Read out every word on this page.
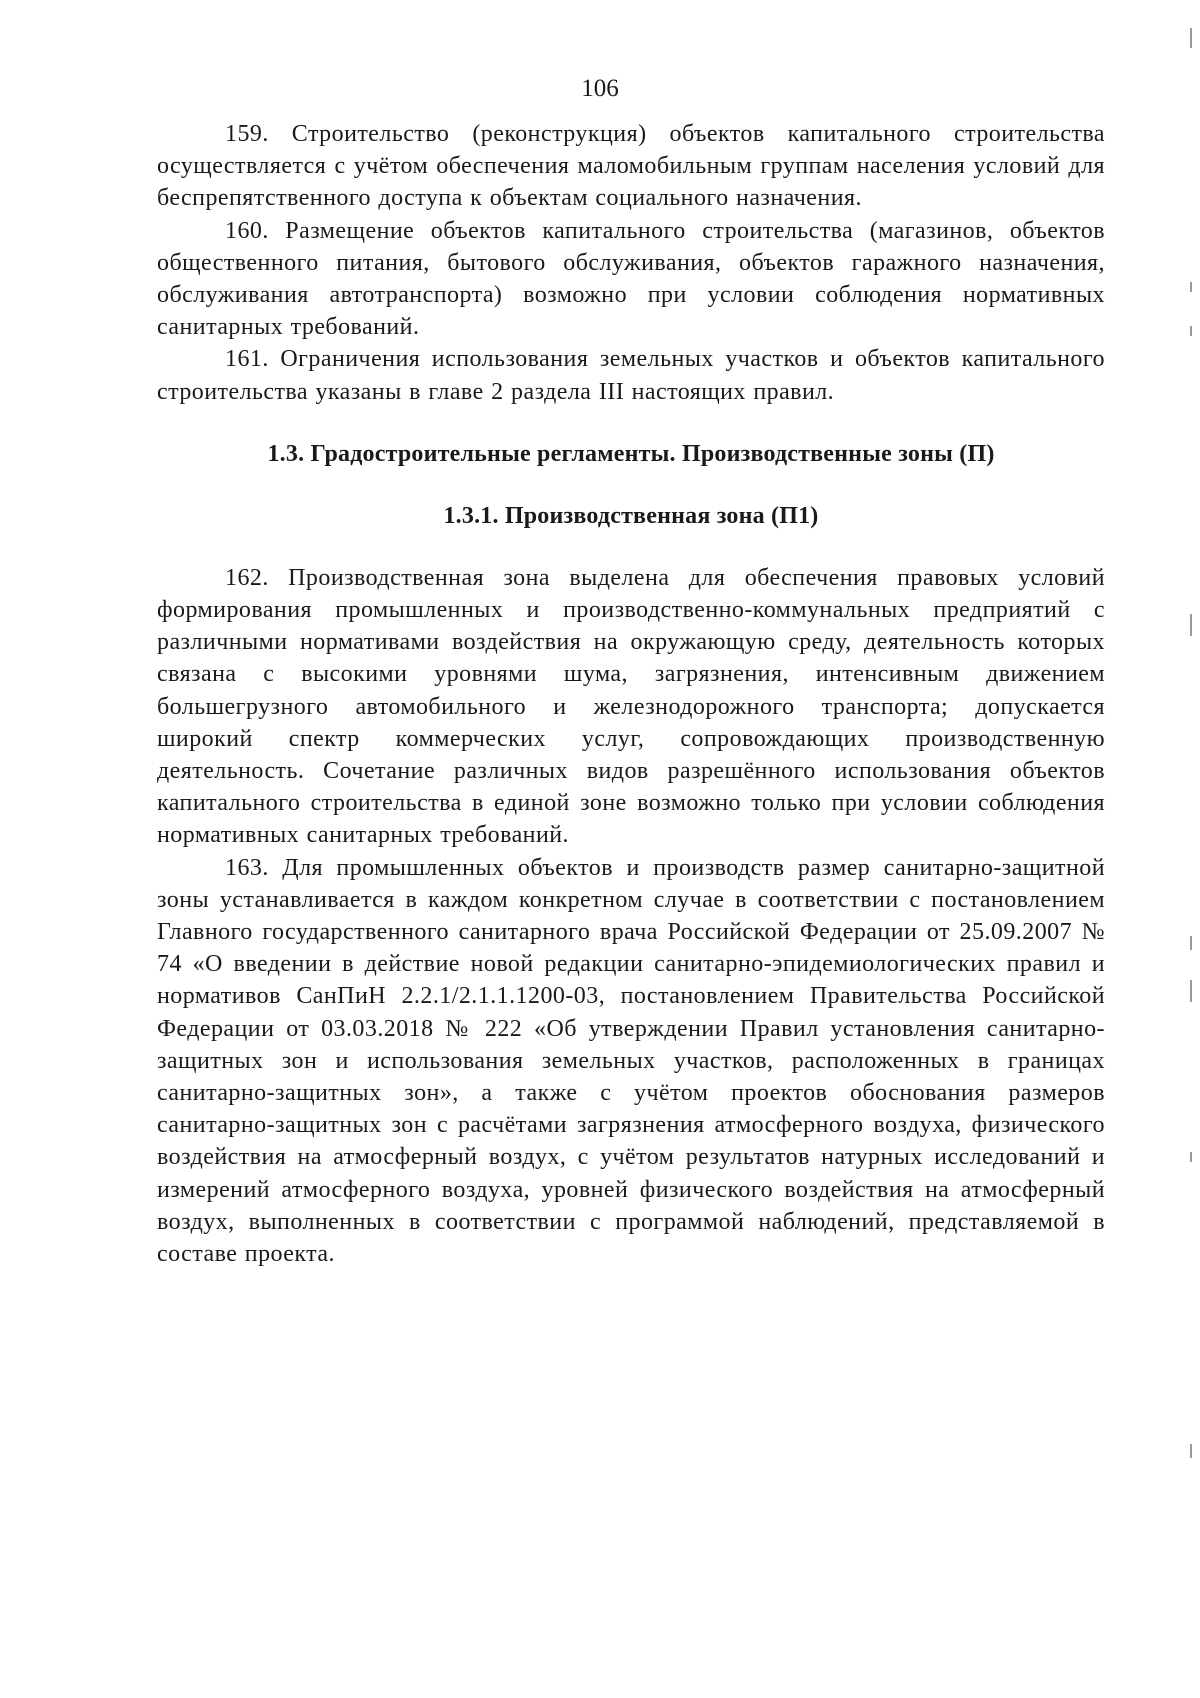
106

159. Строительство (реконструкция) объектов капитального строительства осуществляется с учётом обеспечения маломобильным группам населения условий для беспрепятственного доступа к объектам социального назначения.

160. Размещение объектов капитального строительства (магазинов, объектов общественного питания, бытового обслуживания, объектов гаражного назначения, обслуживания автотранспорта) возможно при условии соблюдения нормативных санитарных требований.

161. Ограничения использования земельных участков и объектов капитального строительства указаны в главе 2 раздела III настоящих правил.

1.3. Градостроительные регламенты. Производственные зоны (П)
1.3.1. Производственная зона (П1)

162. Производственная зона выделена для обеспечения правовых условий формирования промышленных и производственно-коммунальных предприятий с различными нормативами воздействия на окружающую среду, деятельность которых связана с высокими уровнями шума, загрязнения, интенсивным движением большегрузного автомобильного и железнодорожного транспорта; допускается широкий спектр коммерческих услуг, сопровождающих производственную деятельность. Сочетание различных видов разрешённого использования объектов капитального строительства в единой зоне возможно только при условии соблюдения нормативных санитарных требований.

163. Для промышленных объектов и производств размер санитарно-защитной зоны устанавливается в каждом конкретном случае в соответствии с постановлением Главного государственного санитарного врача Российской Федерации от 25.09.2007 № 74 «О введении в действие новой редакции санитарно-эпидемиологических правил и нормативов СанПиН 2.2.1/2.1.1.1200-03, постановлением Правительства Российской Федерации от 03.03.2018 № 222 «Об утверждении Правил установления санитарно-защитных зон и использования земельных участков, расположенных в границах санитарно-защитных зон», а также с учётом проектов обоснования размеров санитарно-защитных зон с расчётами загрязнения атмосферного воздуха, физического воздействия на атмосферный воздух, с учётом результатов натурных исследований и измерений атмосферного воздуха, уровней физического воздействия на атмосферный воздух, выполненных в соответствии с программой наблюдений, представляемой в составе проекта.
